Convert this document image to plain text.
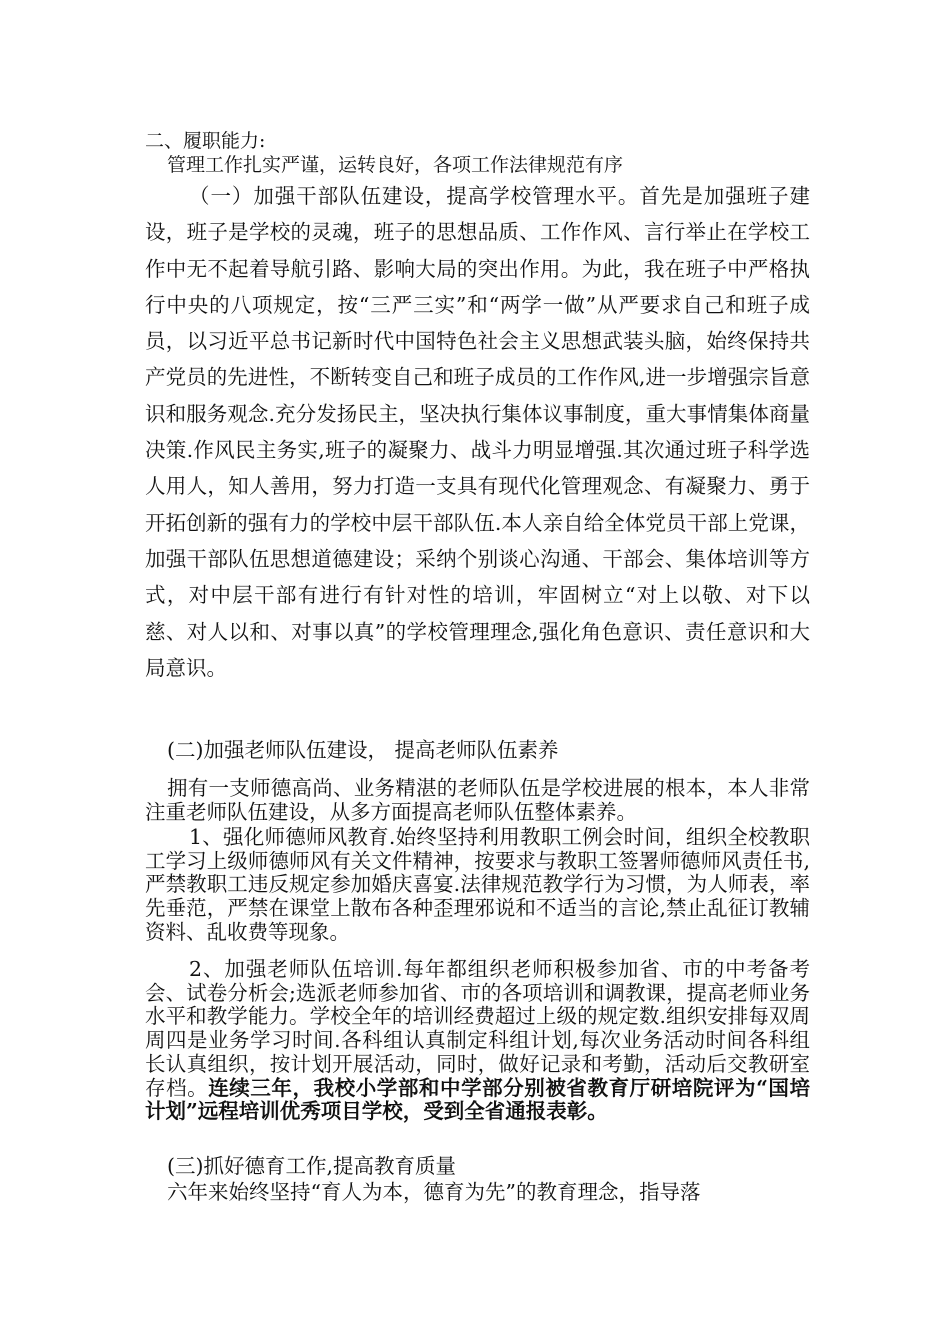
二、履职能力:
管理工作扎实严谨，运转良好，各项工作法律规范有序

（一）加强干部队伍建设，提高学校管理水平。首先是加强班子建设，班子是学校的灵魂，班子的思想品质、工作作风、言行举止在学校工作中无不起着导航引路、影响大局的突出作用。为此，我在班子中严格执行中央的八项规定，按“三严三实”和“两学一做”从严要求自己和班子成员，以习近平总书记新时代中国特色社会主义思想武装头脑，始终保持共产党员的先进性，不断转变自己和班子成员的工作作风,进一步增强宗旨意识和服务观念.充分发扬民主，坚决执行集体议事制度，重大事情集体商量决策.作风民主务实,班子的凝聚力、战斗力明显增强.其次通过班子科学选人用人，知人善用，努力打造一支具有现代化管理观念、有凝聚力、勇于开拓创新的强有力的学校中层干部队伍.本人亲自给全体党员干部上党课，加强干部队伍思想道德建设；采纳个别谈心沟通、干部会、集体培训等方式，对中层干部有进行有针对性的培训，牢固树立“对上以敬、对下以慈、对人以和、对事以真”的学校管理理念,强化角色意识、责任意识和大局意识。

(二)加强老师队伍建设， 提高老师队伍素养

拥有一支师德高尚、业务精湛的老师队伍是学校进展的根本，本人非常注重老师队伍建设，从多方面提高老师队伍整体素养。

1、强化师德师风教育.始终坚持利用教职工例会时间，组织全校教职工学习上级师德师风有关文件精神，按要求与教职工签署师德师风责任书,严禁教职工违反规定参加婚庆喜宴.法律规范教学行为习惯，为人师表，率先垂范，严禁在课堂上散布各种歪理邪说和不适当的言论,禁止乱征订教辅资料、乱收费等现象。

2、加强老师队伍培训.每年都组织老师积极参加省、市的中考备考会、试卷分析会;选派老师参加省、市的各项培训和调教课，提高老师业务水平和教学能力。学校全年的培训经费超过上级的规定数.组织安排每双周周四是业务学习时间.各科组认真制定科组计划,每次业务活动时间各科组长认真组织，按计划开展活动，同时，做好记录和考勤，活动后交教研室存档。连续三年，我校小学部和中学部分别被省教育厅研培院评为“国培计划”远程培训优秀项目学校，受到全省通报表彰。

(三)抓好德育工作,提高教育质量

六年来始终坚持“育人为本，德育为先”的教育理念，指导落
